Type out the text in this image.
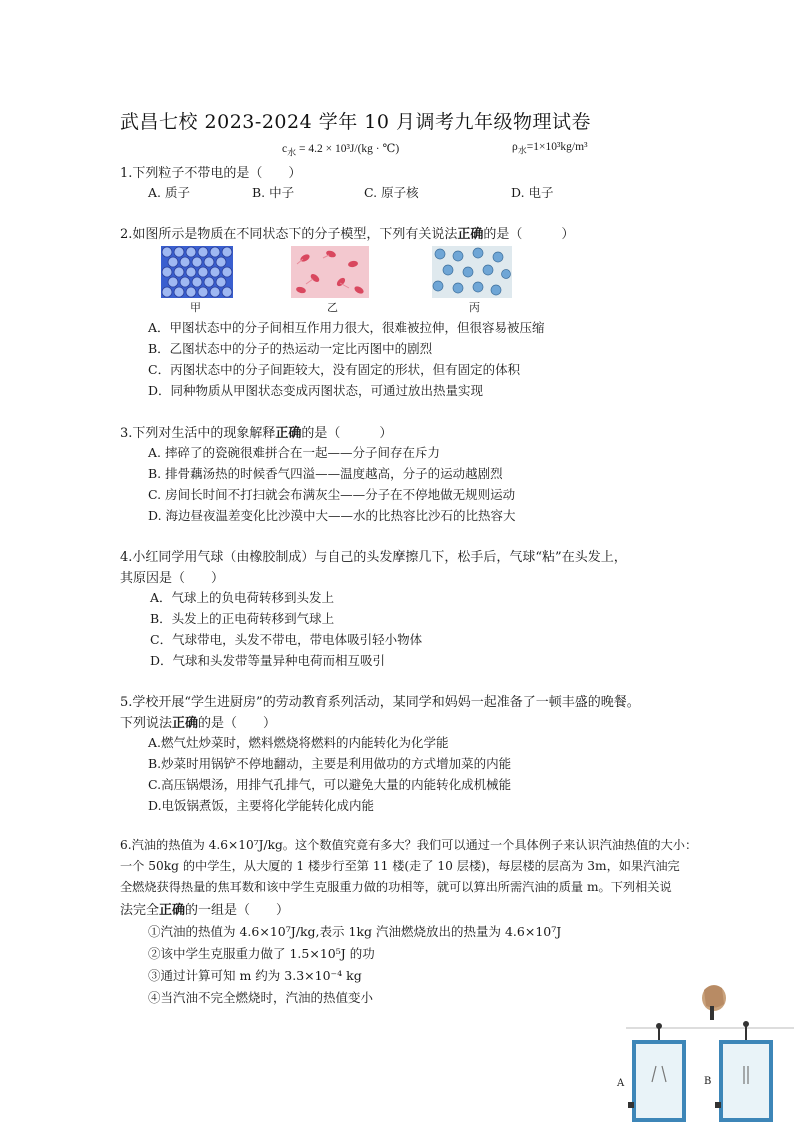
武昌七校 2023-2024 学年 10 月调考九年级物理试卷
$c_水 = 4.2 \times 10^3J/(kg$ · ℃)	$\rho_水=1\times 10^3kg/m^3$
1.下列粒子不带电的是（　　）
A. 质子	B. 中子	C. 原子核	D. 电子
2.如图所示是物质在不同状态下的分子模型，下列有关说法正确的是（　　　）
甲	乙	丙
A．甲图状态中的分子间相互作用力很大，很难被拉伸，但很容易被压缩
B．乙图状态中的分子的热运动一定比丙图中的剧烈
C．丙图状态中的分子间距较大，没有固定的形状，但有固定的体积
D．同种物质从甲图状态变成丙图状态，可通过放出热量实现
3.下列对生活中的现象解释正确的是（　　　）
A. 摔碎了的瓷碗很难拼合在一起——分子间存在斥力
B. 排骨藕汤热的时候香气四溢——温度越高，分子的运动越剧烈
C. 房间长时间不打扫就会布满灰尘——分子在不停地做无规则运动
D. 海边昼夜温差变化比沙漠中大——水的比热容比沙石的比热容大
4.小红同学用气球（由橡胶制成）与自己的头发摩擦几下，松手后，气球“粘”在头发上，
其原因是（　　）
A．气球上的负电荷转移到头发上
B．头发上的正电荷转移到气球上
C．气球带电，头发不带电，带电体吸引轻小物体
D．气球和头发带等量异种电荷而相互吸引
5.学校开展“学生进厨房”的劳动教育系列活动，某同学和妈妈一起准备了一顿丰盛的晚餐。
下列说法正确的是（　　）
A.燃气灶炒菜时，燃料燃烧将燃料的内能转化为化学能
B.炒菜时用锅铲不停地翻动，主要是利用做功的方式增加菜的内能
C.高压锅煨汤，用排气孔排气，可以避免大量的内能转化成机械能
D.电饭锅煮饭，主要将化学能转化成内能
6.汽油的热值为 4.6×10⁷J/kg。这个数值究竟有多大？我们可以通过一个具体例子来认识汽油热值的大小：
一个 50kg 的中学生，从大厦的 1 楼步行至第 11 楼(走了 10 层楼)，每层楼的层高为 3m，如果汽油完
全燃烧获得热量的焦耳数和该中学生克服重力做的功相等，就可以算出所需汽油的质量 m。下列相关说
法完全正确的一组是（　　）
①汽油的热值为 4.6×10⁷J/kg,表示 1kg 汽油燃烧放出的热量为 4.6×10⁷J
②该中学生克服重力做了 1.5×10⁵J 的功
③通过计算可知 m 约为 3.3×10⁻⁴ kg
④当汽油不完全燃烧时，汽油的热值变小
A	B
